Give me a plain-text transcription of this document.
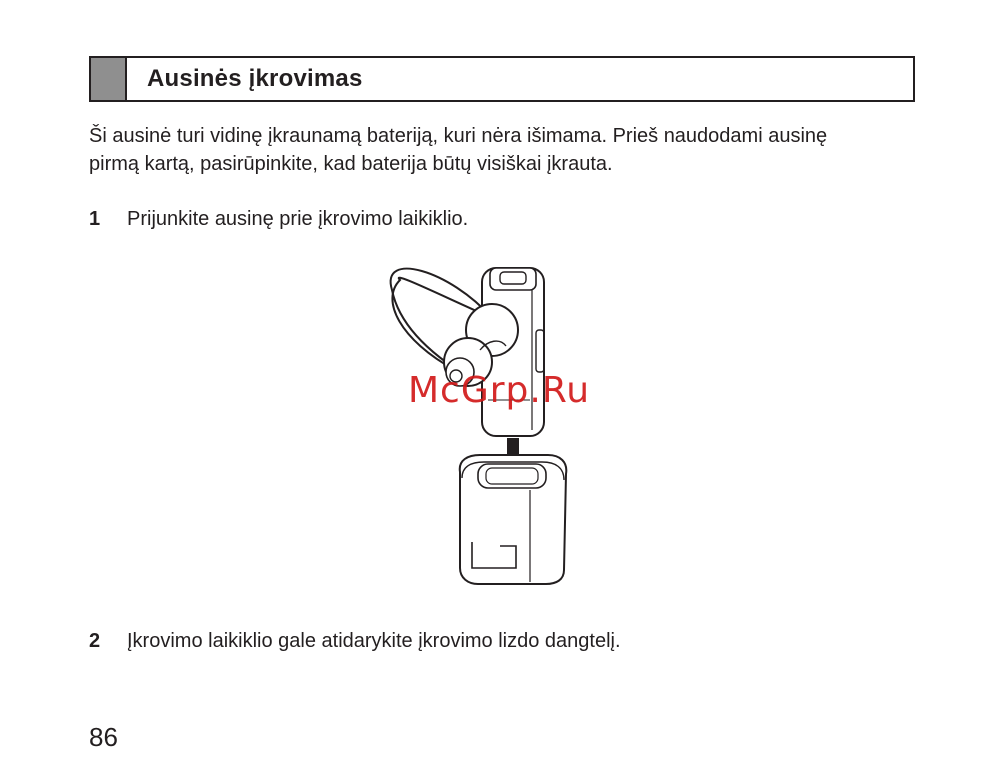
Ausinės įkrovimas
Ši ausinė turi vidinę įkraunamą bateriją, kuri nėra išimama. Prieš naudodami ausinę
pirmą kartą, pasirūpinkite, kad baterija būtų visiškai įkrauta.
1 Prijunkite ausinę prie įkrovimo laikiklio.
McGrp.Ru
2 Įkrovimo laikiklio gale atidarykite įkrovimo lizdo dangtelį.
86
